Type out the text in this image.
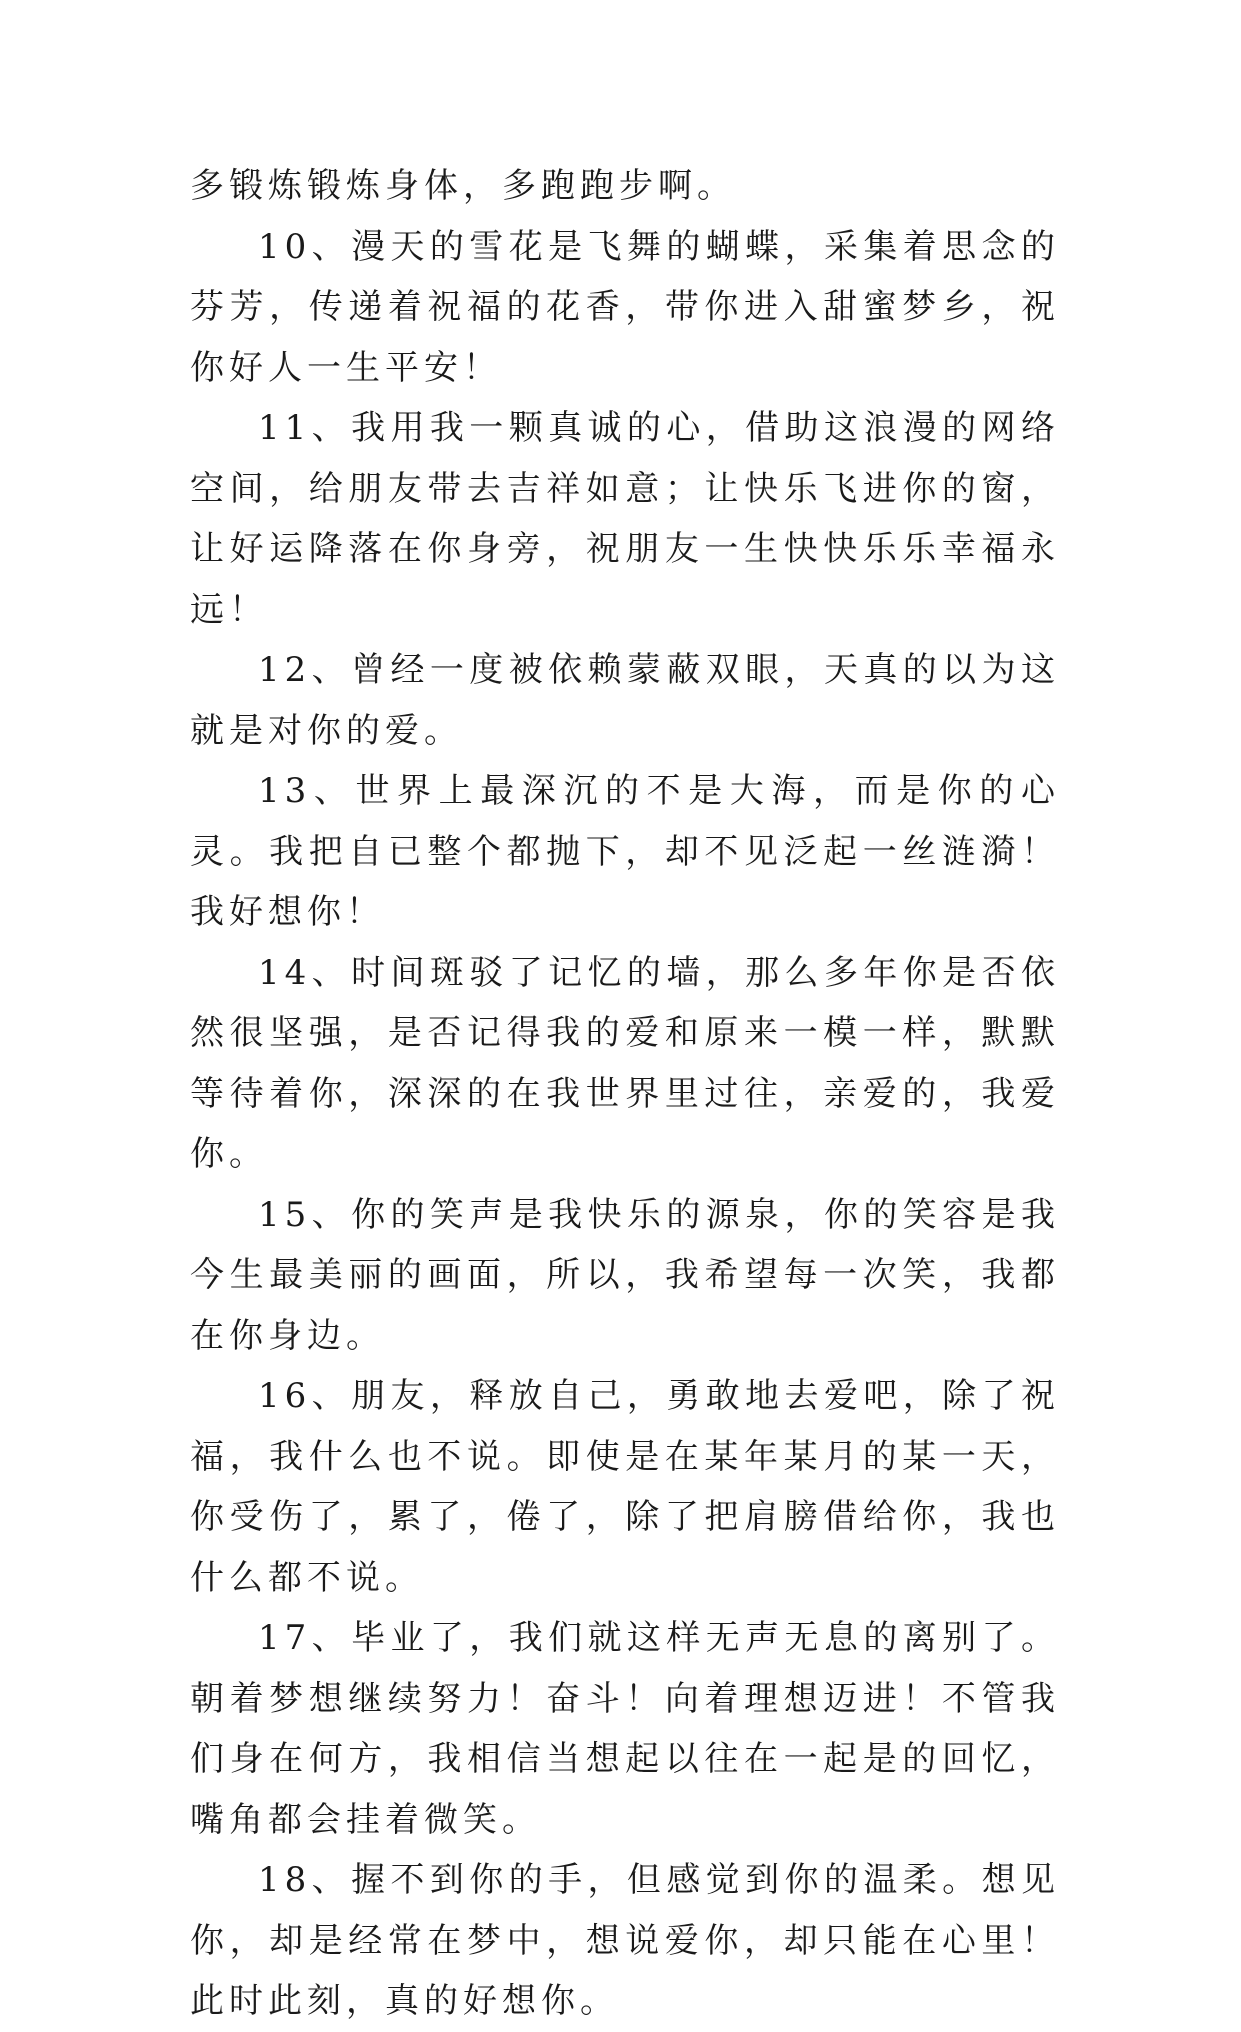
多锻炼锻炼身体，多跑跑步啊。

10、漫天的雪花是飞舞的蝴蝶，采集着思念的芬芳，传递着祝福的花香，带你进入甜蜜梦乡，祝你好人一生平安！

11、我用我一颗真诚的心，借助这浪漫的网络空间，给朋友带去吉祥如意；让快乐飞进你的窗，让好运降落在你身旁，祝朋友一生快快乐乐幸福永远！

12、曾经一度被依赖蒙蔽双眼，天真的以为这就是对你的爱。

13、世界上最深沉的不是大海，而是你的心灵。我把自已整个都抛下，却不见泛起一丝涟漪！我好想你！

14、时间斑驳了记忆的墙，那么多年你是否依然很坚强，是否记得我的爱和原来一模一样，默默等待着你，深深的在我世界里过往，亲爱的，我爱你。

15、你的笑声是我快乐的源泉，你的笑容是我今生最美丽的画面，所以，我希望每一次笑，我都在你身边。

16、朋友，释放自己，勇敢地去爱吧，除了祝福，我什么也不说。即使是在某年某月的某一天，你受伤了，累了，倦了，除了把肩膀借给你，我也什么都不说。

17、毕业了，我们就这样无声无息的离别了。朝着梦想继续努力！奋斗！向着理想迈进！不管我们身在何方，我相信当想起以往在一起是的回忆，嘴角都会挂着微笑。

18、握不到你的手，但感觉到你的温柔。想见你，却是经常在梦中，想说爱你，却只能在心里！此时此刻，真的好想你。
